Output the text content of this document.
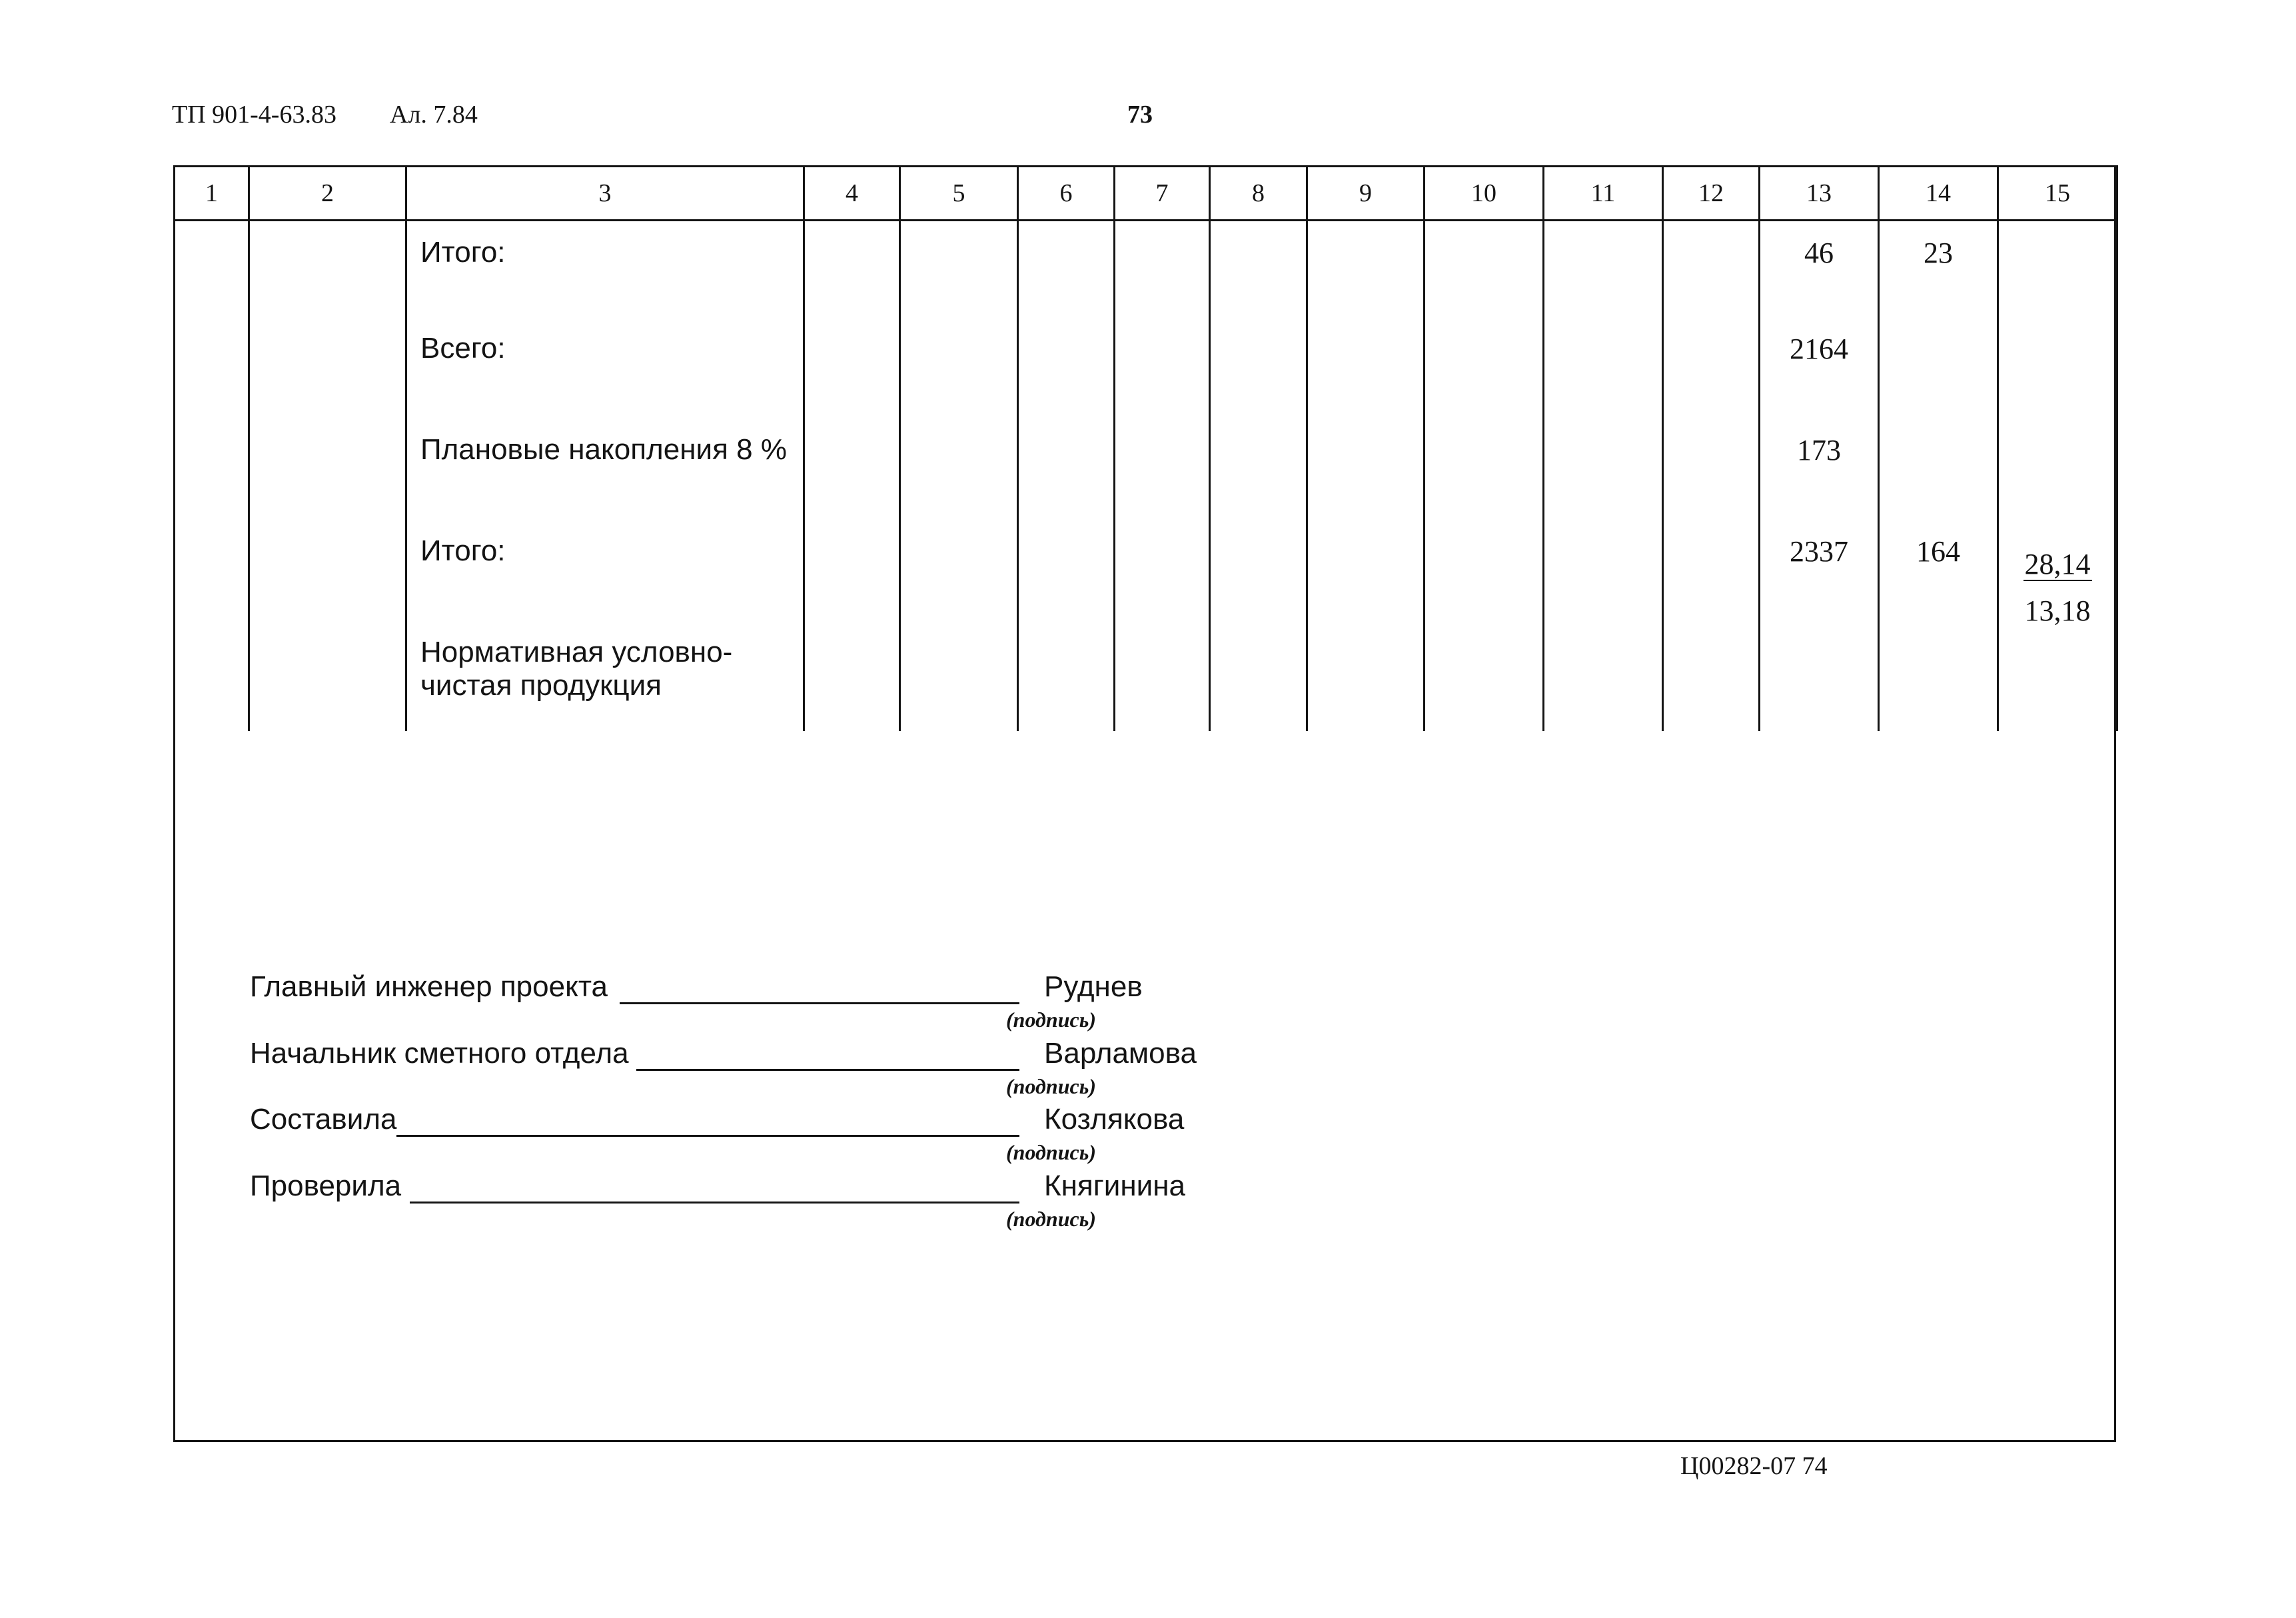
ТП 901-4-63.83 Ал. 7.84	73
1	2	3	4	5	6	7	8	9	10	11	12	13	14	15
		Итого:										46	23	
		Всего:										2164		
		Плановые накопления 8 %										173		
		Итого:										2337	164	$\frac{28,14}{13,18}$

		Нормативная условно-
чистая продукция												

Главный инженер проекта	Руднев
(подпись)
Начальник сметного отдела	Варламова
(подпись)
Составила	Козлякова
(подпись)
Проверила	Княгинина
(подпись)
Ц00282-07 74
